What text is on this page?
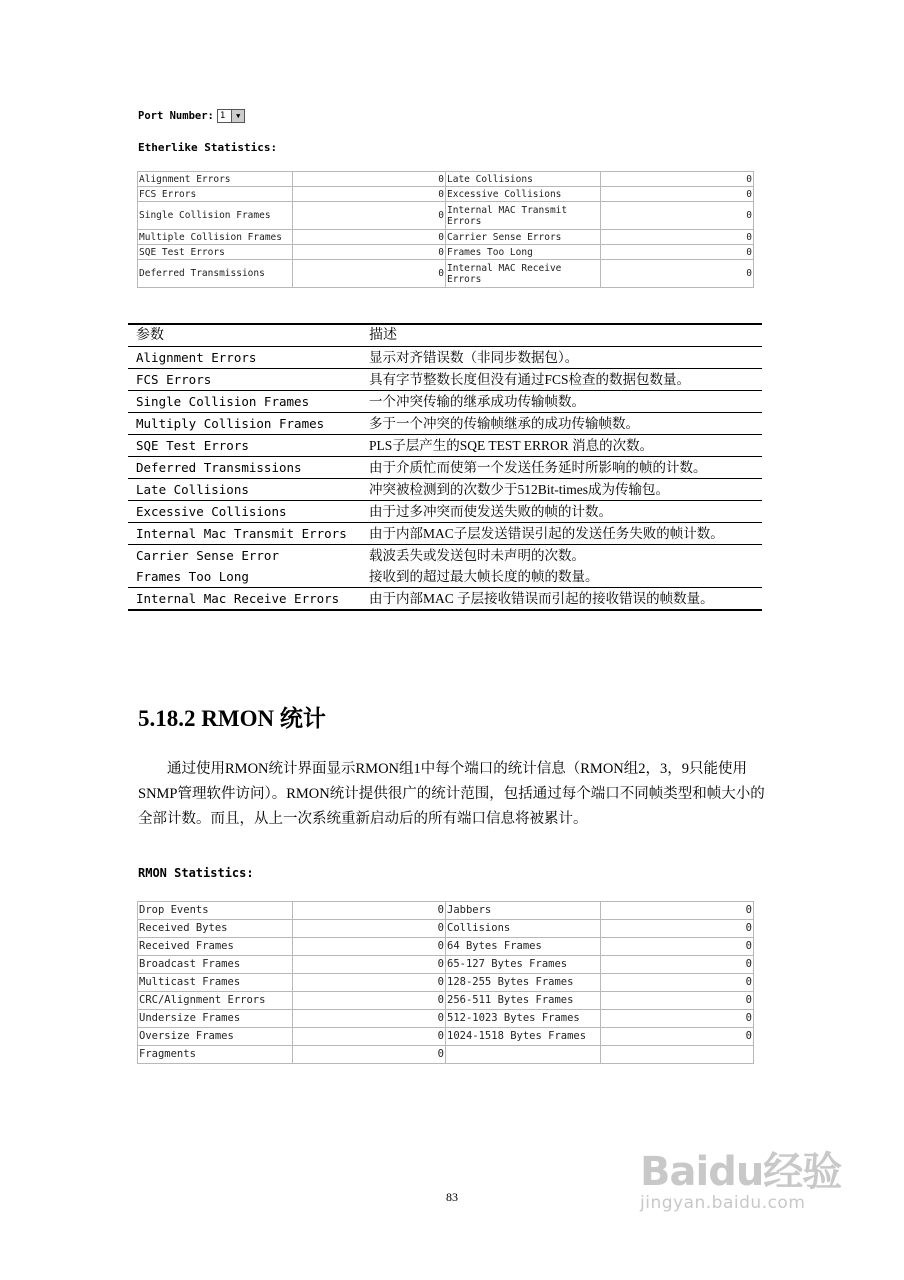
Port Number: 1	▼
Etherlike Statistics:
Alignment Errors	0	Late Collisions	0
FCS Errors	0	Excessive Collisions	0
Single Collision Frames	0	Internal MAC Transmit Errors	0
Multiple Collision Frames	0	Carrier Sense Errors	0
SQE Test Errors	0	Frames Too Long	0
Deferred Transmissions	0	Internal MAC Receive Errors	0
参数	描述
Alignment Errors	显示对齐错误数（非同步数据包）。
FCS Errors	具有字节整数长度但没有通过FCS检查的数据包数量。
Single Collision Frames	一个冲突传输的继承成功传输帧数。
Multiply Collision Frames	多于一个冲突的传输帧继承的成功传输帧数。
SQE Test Errors	PLS子层产生的SQE TEST ERROR 消息的次数。
Deferred Transmissions	由于介质忙而使第一个发送任务延时所影响的帧的计数。
Late Collisions	冲突被检测到的次数少于512Bit-times成为传输包。
Excessive Collisions	由于过多冲突而使发送失败的帧的计数。
Internal Mac Transmit Errors	由于内部MAC子层发送错误引起的发送任务失败的帧计数。
Carrier Sense Error	载波丢失或发送包时未声明的次数。
Frames Too Long	接收到的超过最大帧长度的帧的数量。
Internal Mac Receive Errors	由于内部MAC 子层接收错误而引起的接收错误的帧数量。
5.18.2 RMON 统计
通过使用RMON统计界面显示RMON组1中每个端口的统计信息（RMON组2，3，9只能使用SNMP管理软件访问）。RMON统计提供很广的统计范围，包括通过每个端口不同帧类型和帧大小的全部计数。而且，从上一次系统重新启动后的所有端口信息将被累计。
RMON Statistics:
Drop Events	0	Jabbers	0
Received Bytes	0	Collisions	0
Received Frames	0	64 Bytes Frames	0
Broadcast Frames	0	65-127 Bytes Frames	0
Multicast Frames	0	128-255 Bytes Frames	0
CRC/Alignment Errors	0	256-511 Bytes Frames	0
Undersize Frames	0	512-1023 Bytes Frames	0
Oversize Frames	0	1024-1518 Bytes Frames	0
Fragments	0		
83
Baidu经验
jingyan.baidu.com
